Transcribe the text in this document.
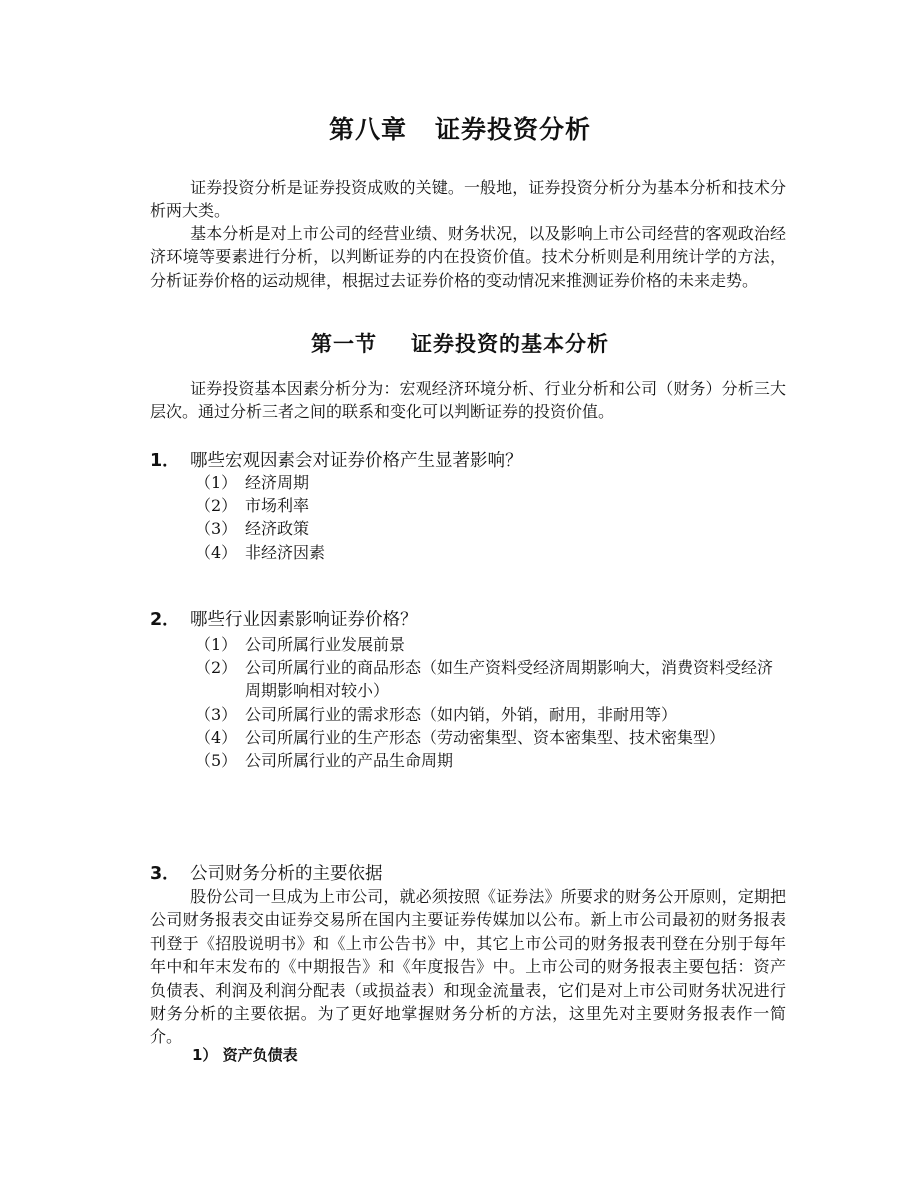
第八章 证券投资分析
证券投资分析是证券投资成败的关键。一般地，证券投资分析分为基本分析和技术分析两大类。
基本分析是对上市公司的经营业绩、财务状况，以及影响上市公司经营的客观政治经济环境等要素进行分析，以判断证券的内在投资价值。技术分析则是利用统计学的方法，分析证券价格的运动规律，根据过去证券价格的变动情况来推测证券价格的未来走势。
第一节 证券投资的基本分析
证券投资基本因素分析分为：宏观经济环境分析、行业分析和公司（财务）分析三大层次。通过分析三者之间的联系和变化可以判断证券的投资价值。
1． 哪些宏观因素会对证券价格产生显著影响？
（1） 经济周期
（2） 市场利率
（3） 经济政策
（4） 非经济因素
2． 哪些行业因素影响证券价格？
（1） 公司所属行业发展前景
（2） 公司所属行业的商品形态（如生产资料受经济周期影响大，消费资料受经济周期影响相对较小）
（3） 公司所属行业的需求形态（如内销，外销，耐用，非耐用等）
（4） 公司所属行业的生产形态（劳动密集型、资本密集型、技术密集型）
（5） 公司所属行业的产品生命周期
3． 公司财务分析的主要依据
股份公司一旦成为上市公司，就必须按照《证券法》所要求的财务公开原则，定期把公司财务报表交由证券交易所在国内主要证券传媒加以公布。新上市公司最初的财务报表刊登于《招股说明书》和《上市公告书》中，其它上市公司的财务报表刊登在分别于每年年中和年末发布的《中期报告》和《年度报告》中。上市公司的财务报表主要包括：资产负债表、利润及利润分配表（或损益表）和现金流量表，它们是对上市公司财务状况进行财务分析的主要依据。为了更好地掌握财务分析的方法，这里先对主要财务报表作一简介。
1） 资产负债表
